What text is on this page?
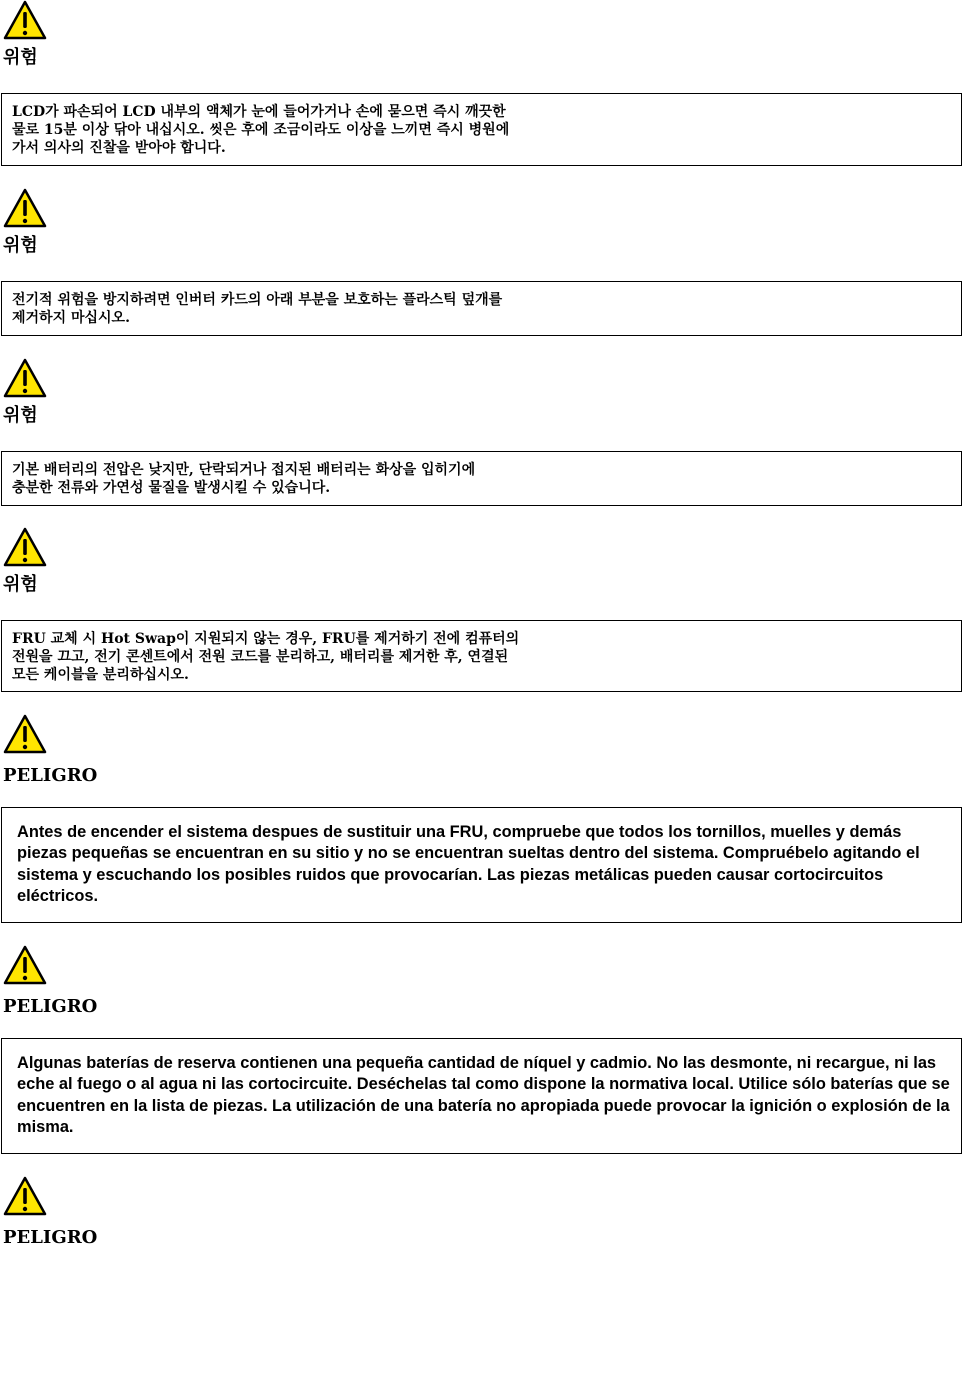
위험
LCD가 파손되어 LCD 내부의 액체가 눈에 들어가거나 손에 묻으면 즉시 깨끗한
물로 15분 이상 닦아 내십시오. 씻은 후에 조금이라도 이상을 느끼면 즉시 병원에
가서 의사의 진찰을 받아야 합니다.
위험
전기적 위험을 방지하려면 인버터 카드의 아래 부분을 보호하는 플라스틱 덮개를
제거하지 마십시오.
위험
기본 배터리의 전압은 낮지만, 단락되거나 접지된 배터리는 화상을 입히기에
충분한 전류와 가연성 물질을 발생시킬 수 있습니다.
위험
FRU 교체 시 Hot Swap이 지원되지 않는 경우, FRU를 제거하기 전에 컴퓨터의
전원을 끄고, 전기 콘센트에서 전원 코드를 분리하고, 배터리를 제거한 후, 연결된
모든 케이블을 분리하십시오.
PELIGRO
Antes de encender el sistema despues de sustituir una FRU, compruebe que todos los tornillos, muelles y demás piezas pequeñas se encuentran en su sitio y no se encuentran sueltas dentro del sistema. Compruébelo agitando el sistema y escuchando los posibles ruidos que provocarían. Las piezas metálicas pueden causar cortocircuitos eléctricos.
PELIGRO
Algunas baterías de reserva contienen una pequeña cantidad de níquel y cadmio. No las desmonte, ni recargue, ni las eche al fuego o al agua ni las cortocircuite. Deséchelas tal como dispone la normativa local. Utilice sólo baterías que se encuentren en la lista de piezas. La utilización de una batería no apropiada puede provocar la ignición o explosión de la misma.
PELIGRO
